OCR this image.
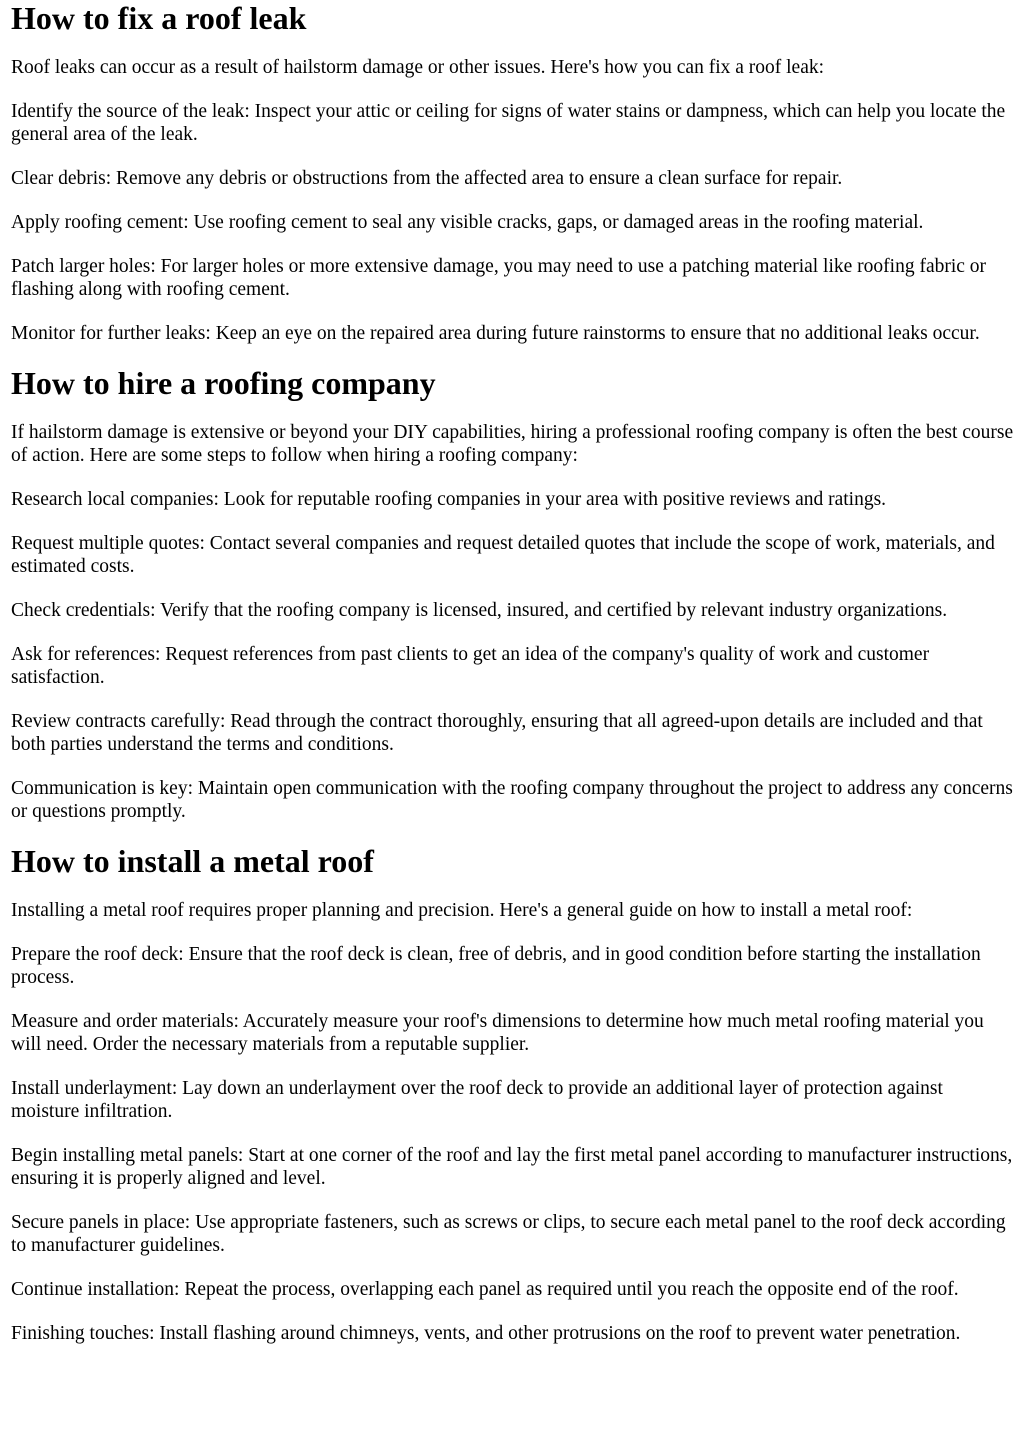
How to fix a roof leak

Roof leaks can occur as a result of hailstorm damage or other issues. Here's how you can fix a roof leak:

Identify the source of the leak: Inspect your attic or ceiling for signs of water stains or dampness, which can help you locate the general area of the leak.

Clear debris: Remove any debris or obstructions from the affected area to ensure a clean surface for repair.

Apply roofing cement: Use roofing cement to seal any visible cracks, gaps, or damaged areas in the roofing material.

Patch larger holes: For larger holes or more extensive damage, you may need to use a patching material like roofing fabric or flashing along with roofing cement.

Monitor for further leaks: Keep an eye on the repaired area during future rainstorms to ensure that no additional leaks occur.

How to hire a roofing company

If hailstorm damage is extensive or beyond your DIY capabilities, hiring a professional roofing company is often the best course of action. Here are some steps to follow when hiring a roofing company:

Research local companies: Look for reputable roofing companies in your area with positive reviews and ratings.

Request multiple quotes: Contact several companies and request detailed quotes that include the scope of work, materials, and estimated costs.

Check credentials: Verify that the roofing company is licensed, insured, and certified by relevant industry organizations.

Ask for references: Request references from past clients to get an idea of the company's quality of work and customer satisfaction.

Review contracts carefully: Read through the contract thoroughly, ensuring that all agreed-upon details are included and that both parties understand the terms and conditions.

Communication is key: Maintain open communication with the roofing company throughout the project to address any concerns or questions promptly.

How to install a metal roof

Installing a metal roof requires proper planning and precision. Here's a general guide on how to install a metal roof:

Prepare the roof deck: Ensure that the roof deck is clean, free of debris, and in good condition before starting the installation process.

Measure and order materials: Accurately measure your roof's dimensions to determine how much metal roofing material you will need. Order the necessary materials from a reputable supplier.

Install underlayment: Lay down an underlayment over the roof deck to provide an additional layer of protection against moisture infiltration.

Begin installing metal panels: Start at one corner of the roof and lay the first metal panel according to manufacturer instructions, ensuring it is properly aligned and level.

Secure panels in place: Use appropriate fasteners, such as screws or clips, to secure each metal panel to the roof deck according to manufacturer guidelines.

Continue installation: Repeat the process, overlapping each panel as required until you reach the opposite end of the roof.

Finishing touches: Install flashing around chimneys, vents, and other protrusions on the roof to prevent water penetration.
